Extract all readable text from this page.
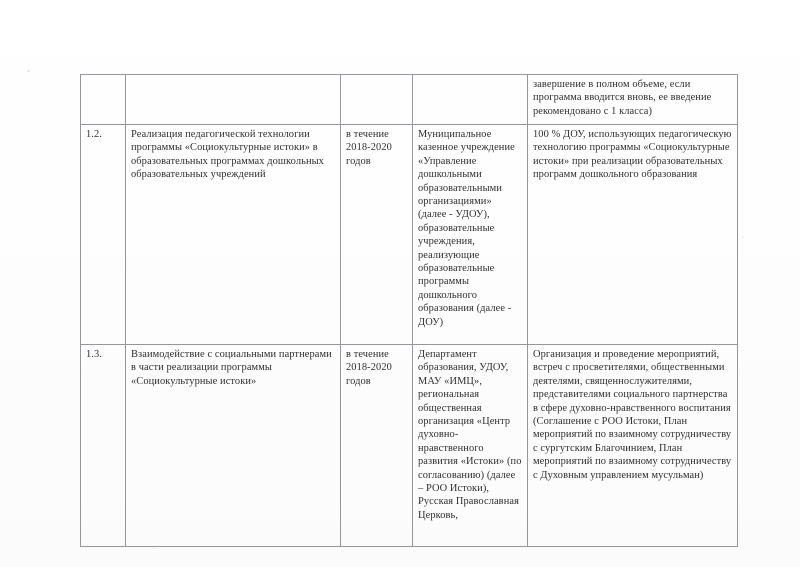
				завершение в полном объеме, если программа вводится вновь, ее введение рекомендовано с 1 класса)
1.2.	Реализация педагогической технологии программы «Социокультурные истоки» в образовательных программах дошкольных образовательных учреждений	в течение 2018-2020 годов	Муниципальное казенное учреждение «Управление дошкольными образовательными организациями» (далее - УДОУ), образовательные учреждения, реализующие образовательные программы дошкольного образования (далее - ДОУ)	100 % ДОУ, использующих педагогическую технологию программы «Социокультурные истоки» при реализации образовательных программ дошкольного образования
1.3.	Взаимодействие с социальными партнерами в части реализации программы «Социокультурные истоки»	в течение 2018-2020 годов	Департамент образования, УДОУ, МАУ «ИМЦ», региональная общественная организация «Центр духовно-нравственного развития «Истоки» (по согласованию) (далее – РОО Истоки), Русская Православная Церковь,	Организация и проведение мероприятий, встреч с просветителями, общественными деятелями, священнослужителями, представителями социального партнерства в сфере духовно-нравственного воспитания (Соглашение с РОО Истоки, План мероприятий по взаимному сотрудничеству с сургутским Благочинием, План мероприятий по взаимному сотрудничеству с Духовным управлением мусульман)
